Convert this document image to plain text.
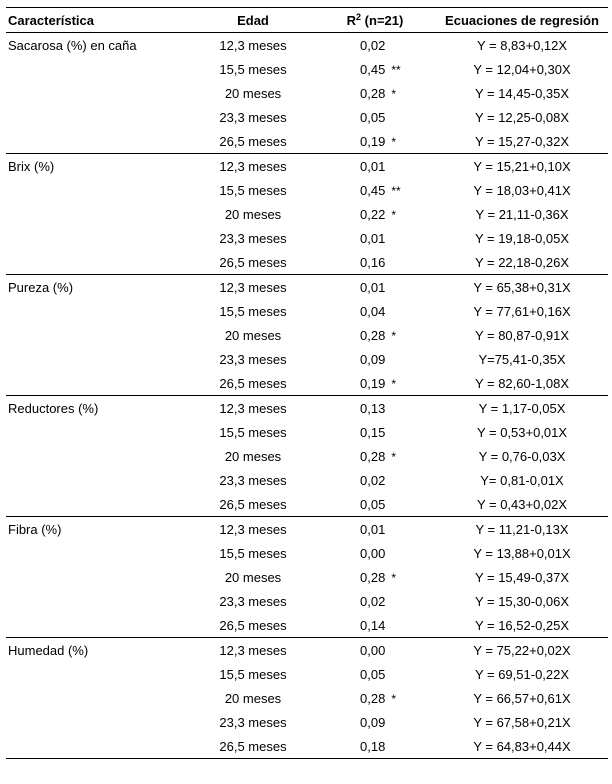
Característica	Edad	$R^2$ (n=21)	Ecuaciones de regresión
Sacarosa (%) en caña	12,3 meses	0,02	Y = 8,83+0,12X
	15,5 meses	0,45 **	Y = 12,04+0,30X
	20 meses	0,28 *	Y = 14,45-0,35X
	23,3 meses	0,05	Y = 12,25-0,08X
	26,5 meses	0,19 *	Y = 15,27-0,32X
Brix (%)	12,3 meses	0,01	Y = 15,21+0,10X
	15,5 meses	0,45 **	Y = 18,03+0,41X
	20 meses	0,22 *	Y = 21,11-0,36X
	23,3 meses	0,01	Y = 19,18-0,05X
	26,5 meses	0,16	Y = 22,18-0,26X
Pureza (%)	12,3 meses	0,01	Y = 65,38+0,31X
	15,5 meses	0,04	Y = 77,61+0,16X
	20 meses	0,28 *	Y = 80,87-0,91X
	23,3 meses	0,09	Y=75,41-0,35X
	26,5 meses	0,19 *	Y = 82,60-1,08X
Reductores (%)	12,3 meses	0,13	Y = 1,17-0,05X
	15,5 meses	0,15	Y = 0,53+0,01X
	20 meses	0,28 *	Y = 0,76-0,03X
	23,3 meses	0,02	Y= 0,81-0,01X
	26,5 meses	0,05	Y = 0,43+0,02X
Fibra (%)	12,3 meses	0,01	Y = 11,21-0,13X
	15,5 meses	0,00	Y = 13,88+0,01X
	20 meses	0,28 *	Y = 15,49-0,37X
	23,3 meses	0,02	Y = 15,30-0,06X
	26,5 meses	0,14	Y = 16,52-0,25X
Humedad (%)	12,3 meses	0,00	Y = 75,22+0,02X
	15,5 meses	0,05	Y = 69,51-0,22X
	20 meses	0,28 *	Y = 66,57+0,61X
	23,3 meses	0,09	Y = 67,58+0,21X
	26,5 meses	0,18	Y = 64,83+0,44X
